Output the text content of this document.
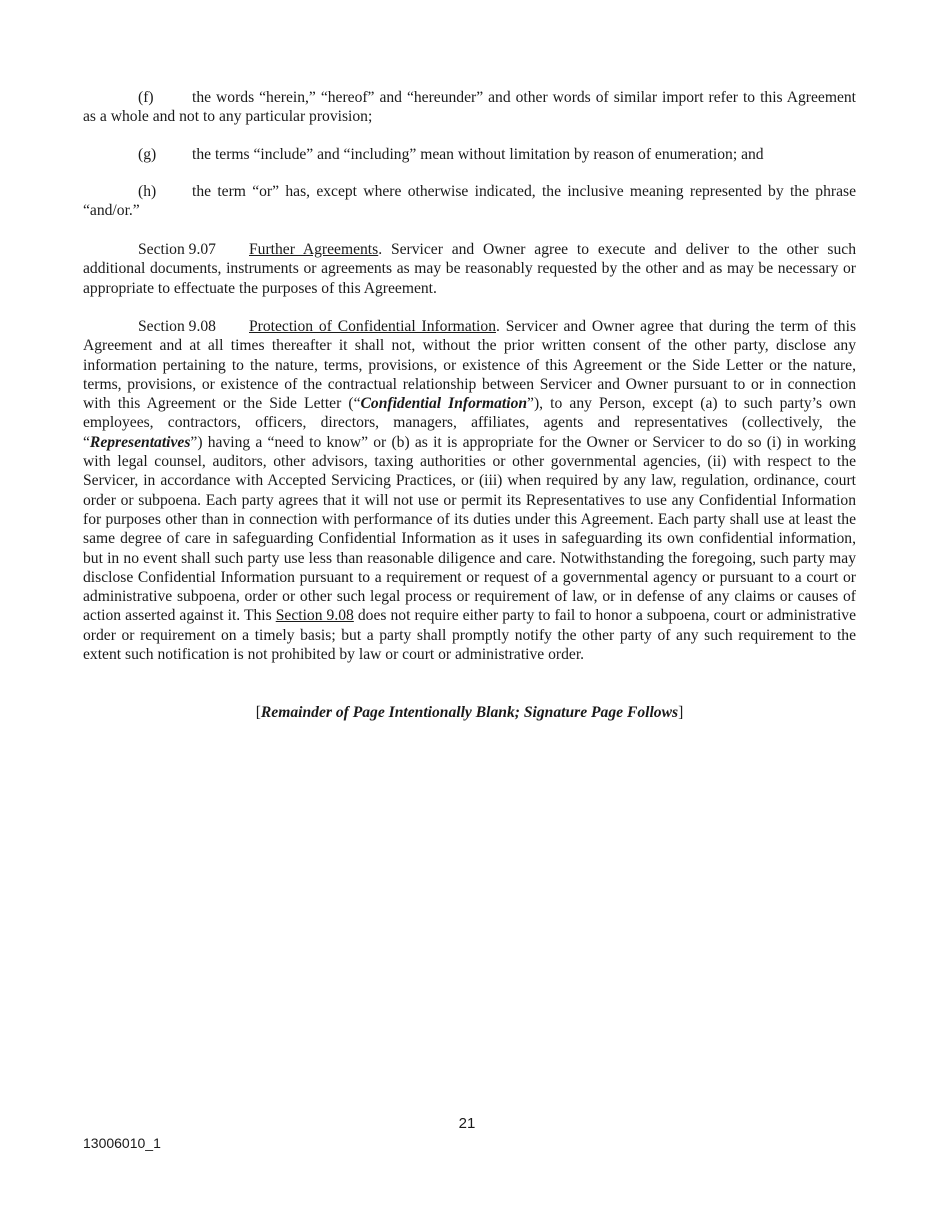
(f) the words “herein,” “hereof” and “hereunder” and other words of similar import refer to this Agreement as a whole and not to any particular provision;

(g) the terms “include” and “including” mean without limitation by reason of enumeration; and

(h) the term “or” has, except where otherwise indicated, the inclusive meaning represented by the phrase “and/or.”

Section 9.07 Further Agreements. Servicer and Owner agree to execute and deliver to the other such additional documents, instruments or agreements as may be reasonably requested by the other and as may be necessary or appropriate to effectuate the purposes of this Agreement.

Section 9.08 Protection of Confidential Information. Servicer and Owner agree that during the term of this Agreement and at all times thereafter it shall not, without the prior written consent of the other party, disclose any information pertaining to the nature, terms, provisions, or existence of this Agreement or the Side Letter or the nature, terms, provisions, or existence of the contractual relationship between Servicer and Owner pursuant to or in connection with this Agreement or the Side Letter (“Confidential Information”), to any Person, except (a) to such party’s own employees, contractors, officers, directors, managers, affiliates, agents and representatives (collectively, the “Representatives”) having a “need to know” or (b) as it is appropriate for the Owner or Servicer to do so (i) in working with legal counsel, auditors, other advisors, taxing authorities or other governmental agencies, (ii) with respect to the Servicer, in accordance with Accepted Servicing Practices, or (iii) when required by any law, regulation, ordinance, court order or subpoena. Each party agrees that it will not use or permit its Representatives to use any Confidential Information for purposes other than in connection with performance of its duties under this Agreement. Each party shall use at least the same degree of care in safeguarding Confidential Information as it uses in safeguarding its own confidential information, but in no event shall such party use less than reasonable diligence and care. Notwithstanding the foregoing, such party may disclose Confidential Information pursuant to a requirement or request of a governmental agency or pursuant to a court or administrative subpoena, order or other such legal process or requirement of law, or in defense of any claims or causes of action asserted against it. This Section 9.08 does not require either party to fail to honor a subpoena, court or administrative order or requirement on a timely basis; but a party shall promptly notify the other party of any such requirement to the extent such notification is not prohibited by law or court or administrative order.

[Remainder of Page Intentionally Blank; Signature Page Follows]
21
13006010_1
